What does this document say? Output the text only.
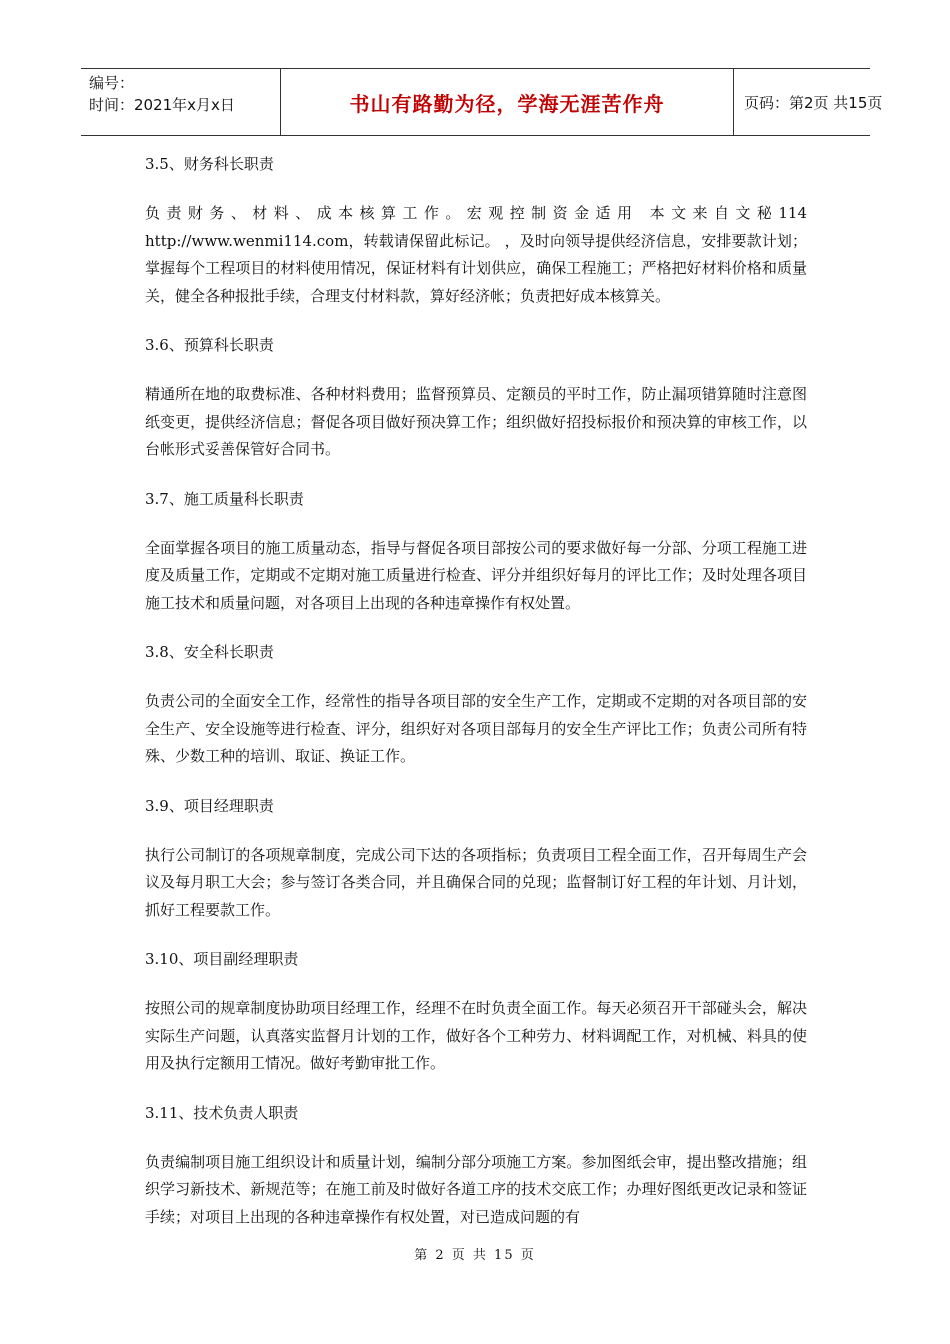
编号：
时间：2021年x月x日	书山有路勤为径，学海无涯苦作舟	页码：第2页 共15页
3.5、财务科长职责
负责财务、材料、成本核算工作。宏观控制资金适用 本文来自文秘114 http://www.wenmi114.com，转载请保留此标记。 ，及时向领导提供经济信息，安排要款计划；掌握每个工程项目的材料使用情况，保证材料有计划供应，确保工程施工；严格把好材料价格和质量关，健全各种报批手续，合理支付材料款，算好经济帐；负责把好成本核算关。
3.6、预算科长职责
精通所在地的取费标准、各种材料费用；监督预算员、定额员的平时工作，防止漏项错算随时注意图纸变更，提供经济信息；督促各项目做好预决算工作；组织做好招投标报价和预决算的审核工作，以台帐形式妥善保管好合同书。
3.7、施工质量科长职责
全面掌握各项目的施工质量动态，指导与督促各项目部按公司的要求做好每一分部、分项工程施工进度及质量工作，定期或不定期对施工质量进行检查、评分并组织好每月的评比工作；及时处理各项目施工技术和质量问题，对各项目上出现的各种违章操作有权处置。
3.8、安全科长职责
负责公司的全面安全工作，经常性的指导各项目部的安全生产工作，定期或不定期的对各项目部的安全生产、安全设施等进行检查、评分，组织好对各项目部每月的安全生产评比工作；负责公司所有特殊、少数工种的培训、取证、换证工作。
3.9、项目经理职责
执行公司制订的各项规章制度，完成公司下达的各项指标；负责项目工程全面工作，召开每周生产会议及每月职工大会；参与签订各类合同，并且确保合同的兑现；监督制订好工程的年计划、月计划，抓好工程要款工作。
3.10、项目副经理职责
按照公司的规章制度协助项目经理工作，经理不在时负责全面工作。每天必须召开干部碰头会，解决实际生产问题，认真落实监督月计划的工作，做好各个工种劳力、材料调配工作，对机械、料具的使用及执行定额用工情况。做好考勤审批工作。
3.11、技术负责人职责
负责编制项目施工组织设计和质量计划，编制分部分项施工方案。参加图纸会审，提出整改措施；组织学习新技术、新规范等；在施工前及时做好各道工序的技术交底工作；办理好图纸更改记录和签证手续；对项目上出现的各种违章操作有权处置，对已造成问题的有
第 2 页 共 15 页
